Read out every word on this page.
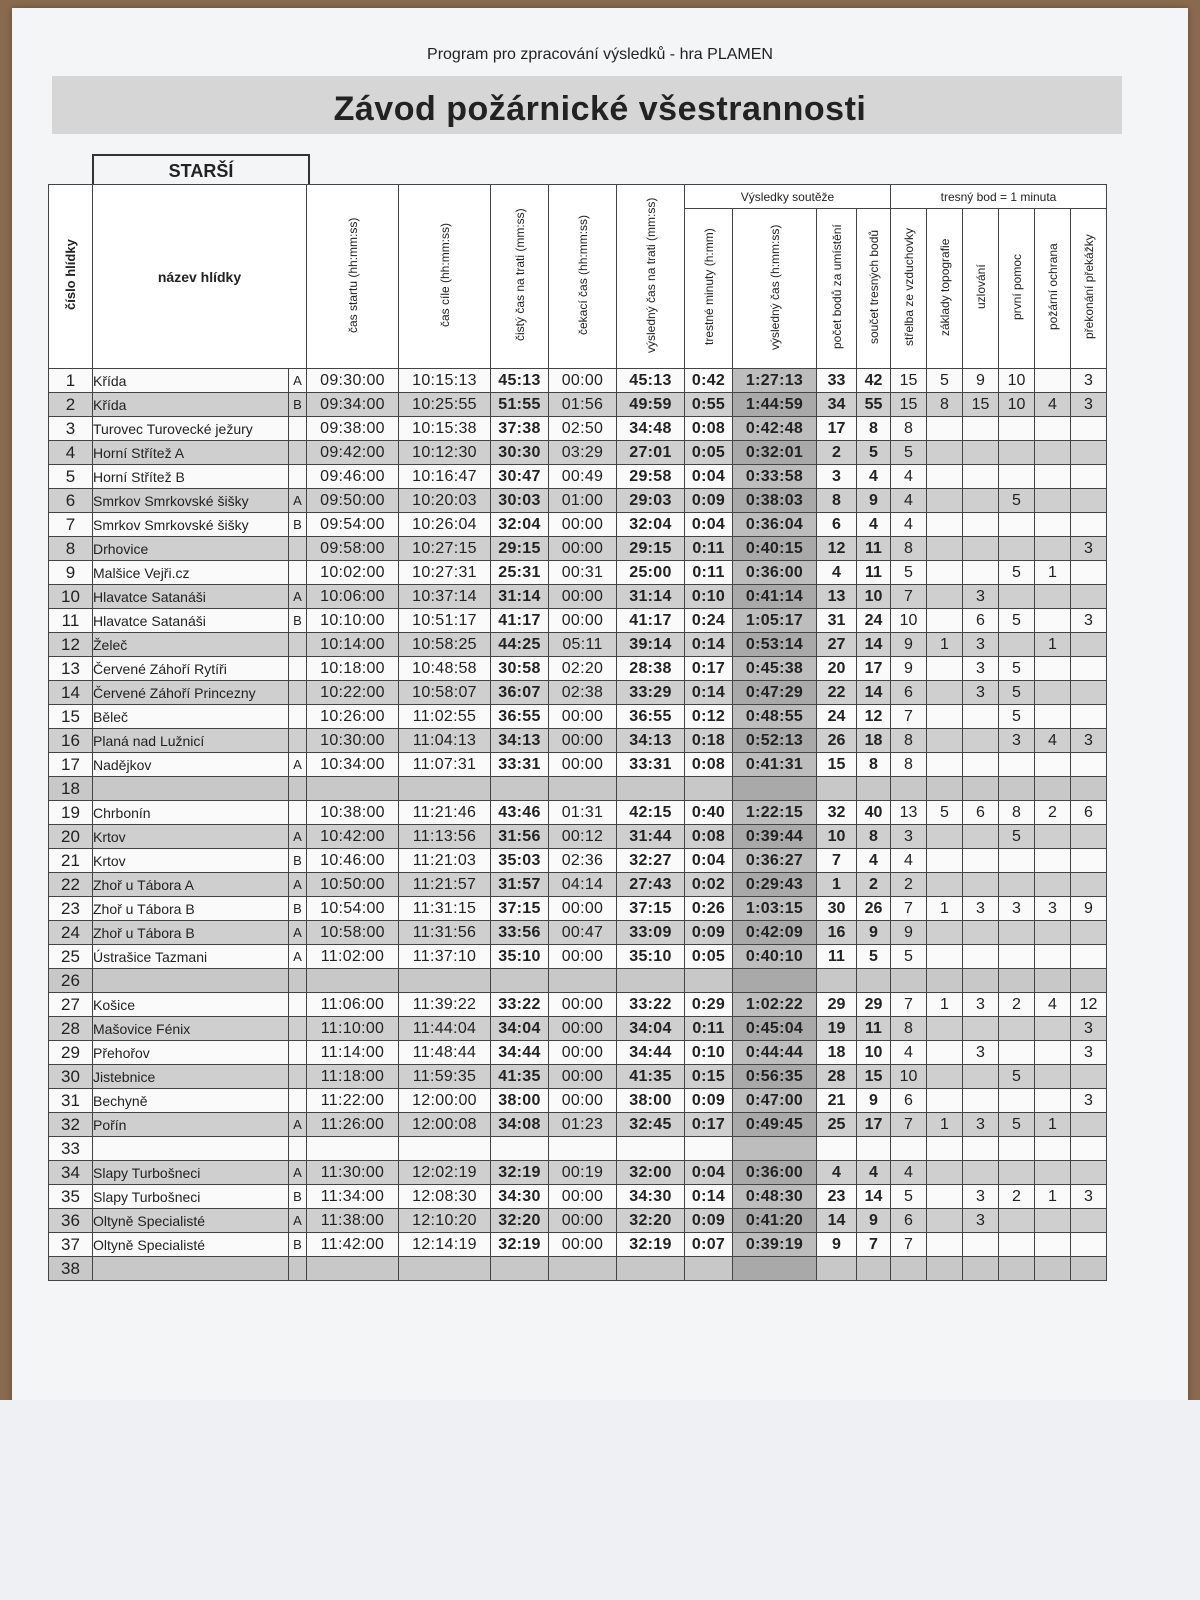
Program pro zpracování výsledků - hra PLAMEN
Závod požárnické všestrannosti
STARŠÍ
číslo hlídky	název hlídky		čas startu (hh:mm:ss)	čas cíle (hh:mm:ss)	čistý čas na trati (mm:ss)	čekací čas (hh:mm:ss)	výsledný čas na trati (mm:ss)	Výsledky soutěže				tresný bod = 1 minuta					
								trestné minuty (h:mm)	výsledný čas (h:mm:ss)	počet bodů za umístění	součet tresných bodů	střelba ze vzduchovky	základy topografie	uzlování	první pomoc	požární ochrana	překonání překážky
1	Křída	A	09:30:00	10:15:13	45:13	00:00	45:13	0:42	1:27:13	33	42	15	5	9	10		3
2	Křída	B	09:34:00	10:25:55	51:55	01:56	49:59	0:55	1:44:59	34	55	15	8	15	10	4	3
3	Turovec Turovecké ježury		09:38:00	10:15:38	37:38	02:50	34:48	0:08	0:42:48	17	8	8					
4	Horní Střítež A		09:42:00	10:12:30	30:30	03:29	27:01	0:05	0:32:01	2	5	5					
5	Horní Střítež B		09:46:00	10:16:47	30:47	00:49	29:58	0:04	0:33:58	3	4	4					
6	Smrkov Smrkovské šišky	A	09:50:00	10:20:03	30:03	01:00	29:03	0:09	0:38:03	8	9	4			5		
7	Smrkov Smrkovské šišky	B	09:54:00	10:26:04	32:04	00:00	32:04	0:04	0:36:04	6	4	4					
8	Drhovice		09:58:00	10:27:15	29:15	00:00	29:15	0:11	0:40:15	12	11	8					3
9	Malšice Vejři.cz		10:02:00	10:27:31	25:31	00:31	25:00	0:11	0:36:00	4	11	5			5	1	
10	Hlavatce Satanáši	A	10:06:00	10:37:14	31:14	00:00	31:14	0:10	0:41:14	13	10	7		3			
11	Hlavatce Satanáši	B	10:10:00	10:51:17	41:17	00:00	41:17	0:24	1:05:17	31	24	10		6	5		3
12	Želeč		10:14:00	10:58:25	44:25	05:11	39:14	0:14	0:53:14	27	14	9	1	3		1	
13	Červené Záhoří Rytíři		10:18:00	10:48:58	30:58	02:20	28:38	0:17	0:45:38	20	17	9		3	5		
14	Červené Záhoří Princezny		10:22:00	10:58:07	36:07	02:38	33:29	0:14	0:47:29	22	14	6		3	5		
15	Běleč		10:26:00	11:02:55	36:55	00:00	36:55	0:12	0:48:55	24	12	7			5		
16	Planá nad Lužnicí		10:30:00	11:04:13	34:13	00:00	34:13	0:18	0:52:13	26	18	8			3	4	3
17	Nadějkov	A	10:34:00	11:07:31	33:31	00:00	33:31	0:08	0:41:31	15	8	8					
18																	
19	Chrbonín		10:38:00	11:21:46	43:46	01:31	42:15	0:40	1:22:15	32	40	13	5	6	8	2	6
20	Krtov	A	10:42:00	11:13:56	31:56	00:12	31:44	0:08	0:39:44	10	8	3			5		
21	Krtov	B	10:46:00	11:21:03	35:03	02:36	32:27	0:04	0:36:27	7	4	4					
22	Zhoř u Tábora A	A	10:50:00	11:21:57	31:57	04:14	27:43	0:02	0:29:43	1	2	2					
23	Zhoř u Tábora B	B	10:54:00	11:31:15	37:15	00:00	37:15	0:26	1:03:15	30	26	7	1	3	3	3	9
24	Zhoř u Tábora B	A	10:58:00	11:31:56	33:56	00:47	33:09	0:09	0:42:09	16	9	9					
25	Ústrašice Tazmani	A	11:02:00	11:37:10	35:10	00:00	35:10	0:05	0:40:10	11	5	5					
26																	
27	Košice		11:06:00	11:39:22	33:22	00:00	33:22	0:29	1:02:22	29	29	7	1	3	2	4	12
28	Mašovice Fénix		11:10:00	11:44:04	34:04	00:00	34:04	0:11	0:45:04	19	11	8					3
29	Přehořov		11:14:00	11:48:44	34:44	00:00	34:44	0:10	0:44:44	18	10	4		3			3
30	Jistebnice		11:18:00	11:59:35	41:35	00:00	41:35	0:15	0:56:35	28	15	10			5		
31	Bechyně		11:22:00	12:00:00	38:00	00:00	38:00	0:09	0:47:00	21	9	6					3
32	Pořín	A	11:26:00	12:00:08	34:08	01:23	32:45	0:17	0:49:45	25	17	7	1	3	5	1	
33																	
34	Slapy Turbošneci	A	11:30:00	12:02:19	32:19	00:19	32:00	0:04	0:36:00	4	4	4					
35	Slapy Turbošneci	B	11:34:00	12:08:30	34:30	00:00	34:30	0:14	0:48:30	23	14	5		3	2	1	3
36	Oltyně Specialisté	A	11:38:00	12:10:20	32:20	00:00	32:20	0:09	0:41:20	14	9	6		3			
37	Oltyně Specialisté	B	11:42:00	12:14:19	32:19	00:00	32:19	0:07	0:39:19	9	7	7					
38																	
